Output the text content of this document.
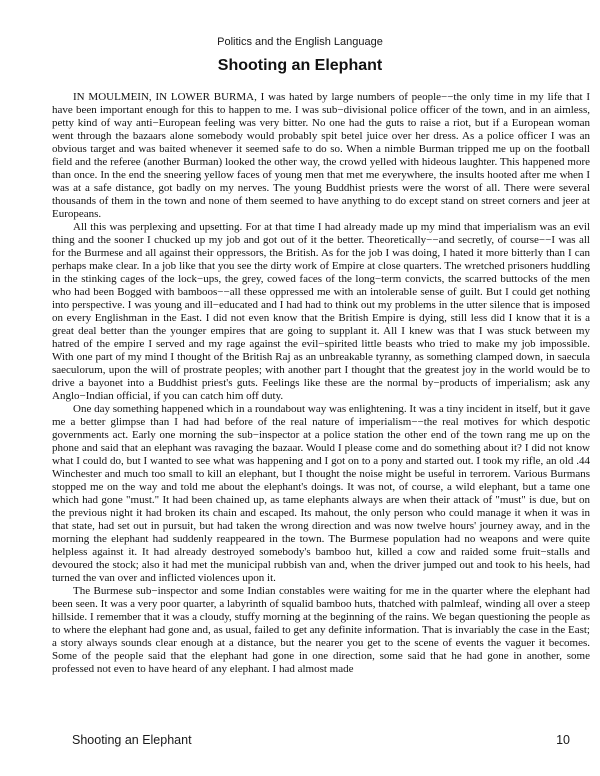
Politics and the English Language
Shooting an Elephant

IN MOULMEIN, IN LOWER BURMA, I was hated by large numbers of people−−the only time in my life that I have been important enough for this to happen to me. I was sub−divisional police officer of the town, and in an aimless, petty kind of way anti−European feeling was very bitter. No one had the guts to raise a riot, but if a European woman went through the bazaars alone somebody would probably spit betel juice over her dress. As a police officer I was an obvious target and was baited whenever it seemed safe to do so. When a nimble Burman tripped me up on the football field and the referee (another Burman) looked the other way, the crowd yelled with hideous laughter. This happened more than once. In the end the sneering yellow faces of young men that met me everywhere, the insults hooted after me when I was at a safe distance, got badly on my nerves. The young Buddhist priests were the worst of all. There were several thousands of them in the town and none of them seemed to have anything to do except stand on street corners and jeer at Europeans.

All this was perplexing and upsetting. For at that time I had already made up my mind that imperialism was an evil thing and the sooner I chucked up my job and got out of it the better. Theoretically−−and secretly, of course−−I was all for the Burmese and all against their oppressors, the British. As for the job I was doing, I hated it more bitterly than I can perhaps make clear. In a job like that you see the dirty work of Empire at close quarters. The wretched prisoners huddling in the stinking cages of the lock−ups, the grey, cowed faces of the long−term convicts, the scarred buttocks of the men who had been Bogged with bamboos−−all these oppressed me with an intolerable sense of guilt. But I could get nothing into perspective. I was young and ill−educated and I had had to think out my problems in the utter silence that is imposed on every Englishman in the East. I did not even know that the British Empire is dying, still less did I know that it is a great deal better than the younger empires that are going to supplant it. All I knew was that I was stuck between my hatred of the empire I served and my rage against the evil−spirited little beasts who tried to make my job impossible. With one part of my mind I thought of the British Raj as an unbreakable tyranny, as something clamped down, in saecula saeculorum, upon the will of prostrate peoples; with another part I thought that the greatest joy in the world would be to drive a bayonet into a Buddhist priest's guts. Feelings like these are the normal by−products of imperialism; ask any Anglo−Indian official, if you can catch him off duty.

One day something happened which in a roundabout way was enlightening. It was a tiny incident in itself, but it gave me a better glimpse than I had had before of the real nature of imperialism−−the real motives for which despotic governments act. Early one morning the sub−inspector at a police station the other end of the town rang me up on the phone and said that an elephant was ravaging the bazaar. Would I please come and do something about it? I did not know what I could do, but I wanted to see what was happening and I got on to a pony and started out. I took my rifle, an old .44 Winchester and much too small to kill an elephant, but I thought the noise might be useful in terrorem. Various Burmans stopped me on the way and told me about the elephant's doings. It was not, of course, a wild elephant, but a tame one which had gone "must." It had been chained up, as tame elephants always are when their attack of "must" is due, but on the previous night it had broken its chain and escaped. Its mahout, the only person who could manage it when it was in that state, had set out in pursuit, but had taken the wrong direction and was now twelve hours' journey away, and in the morning the elephant had suddenly reappeared in the town. The Burmese population had no weapons and were quite helpless against it. It had already destroyed somebody's bamboo hut, killed a cow and raided some fruit−stalls and devoured the stock; also it had met the municipal rubbish van and, when the driver jumped out and took to his heels, had turned the van over and inflicted violences upon it.

The Burmese sub−inspector and some Indian constables were waiting for me in the quarter where the elephant had been seen. It was a very poor quarter, a labyrinth of squalid bamboo huts, thatched with palmleaf, winding all over a steep hillside. I remember that it was a cloudy, stuffy morning at the beginning of the rains. We began questioning the people as to where the elephant had gone and, as usual, failed to get any definite information. That is invariably the case in the East; a story always sounds clear enough at a distance, but the nearer you get to the scene of events the vaguer it becomes. Some of the people said that the elephant had gone in one direction, some said that he had gone in another, some professed not even to have heard of any elephant. I had almost made

Shooting an Elephant	10
